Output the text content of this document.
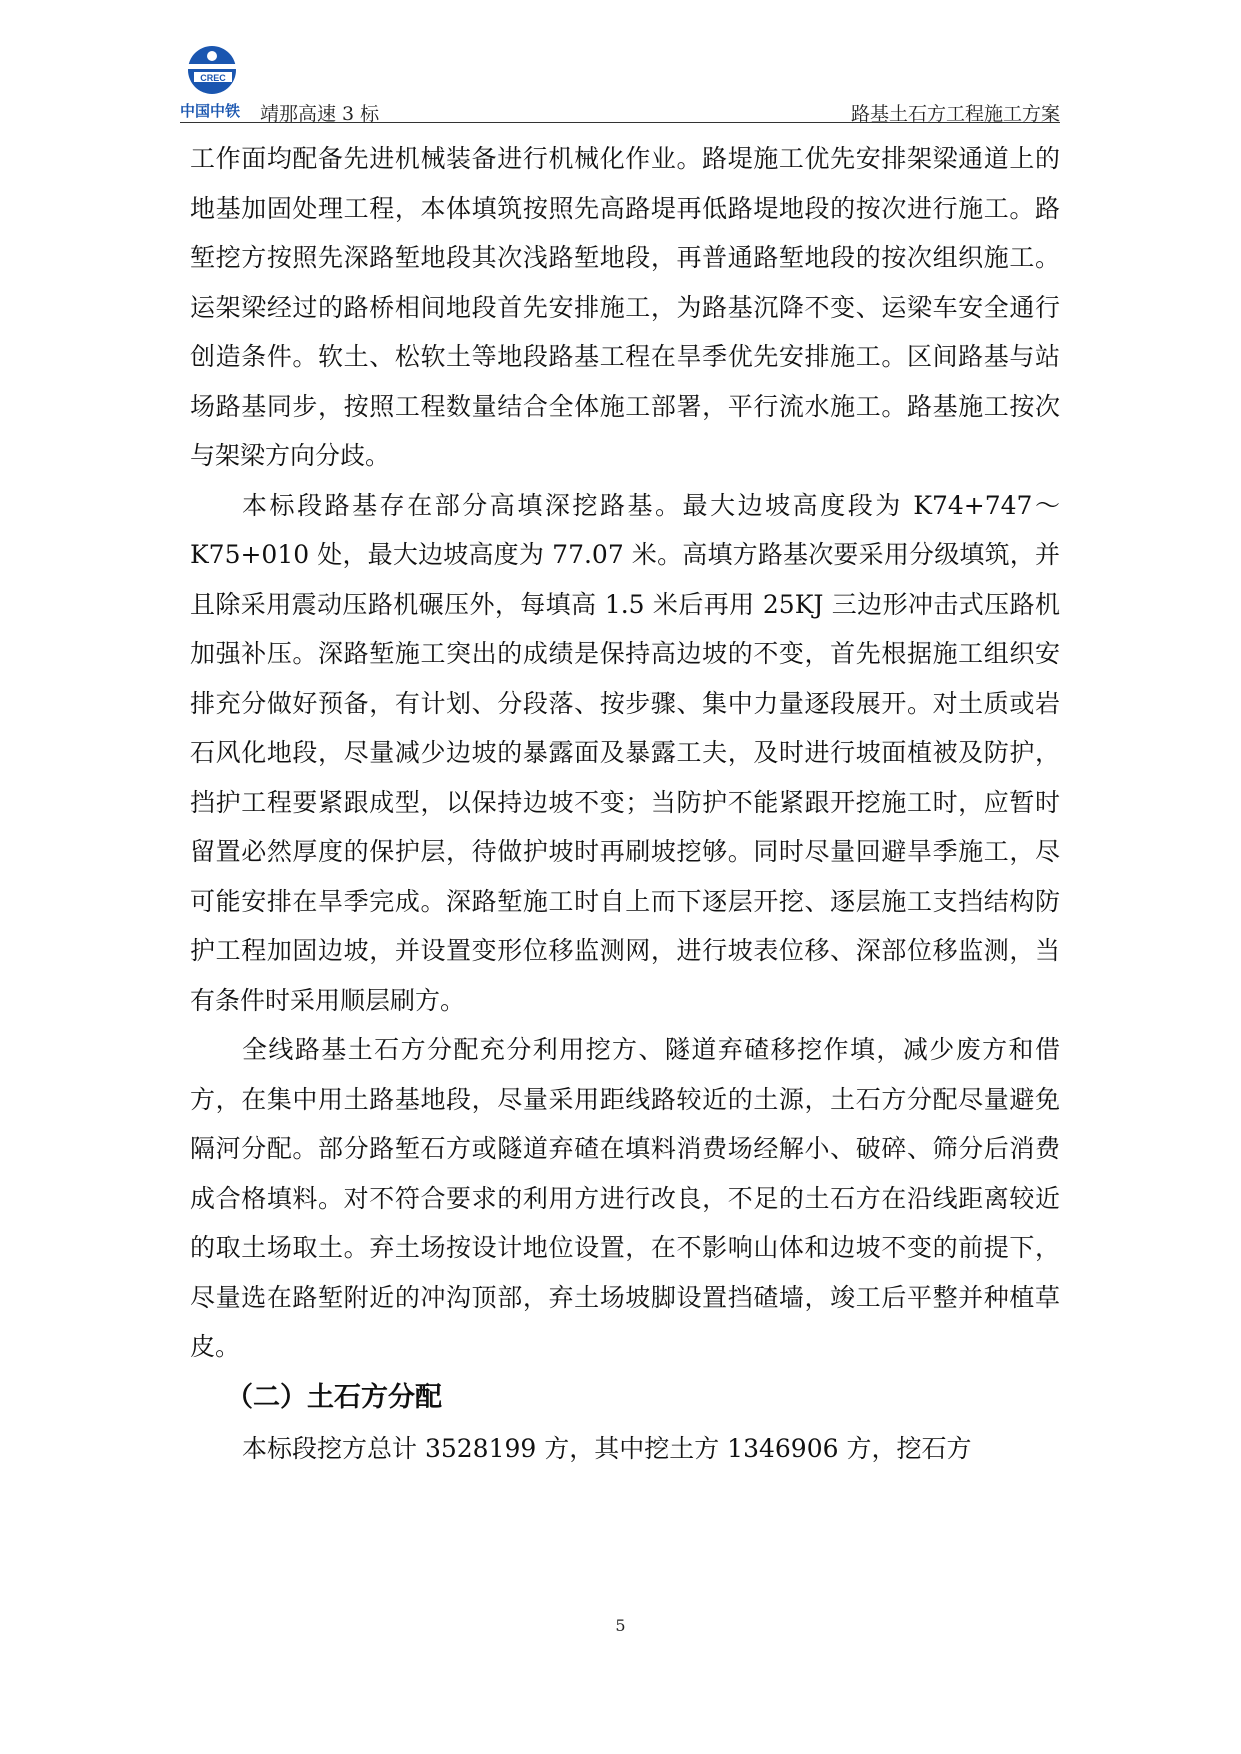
CREC
中国中铁 靖那高速 3 标	路基土石方工程施工方案

工作面均配备先进机械装备进行机械化作业。路堤施工优先安排架梁通道上的地基加固处理工程，本体填筑按照先高路堤再低路堤地段的按次进行施工。路堑挖方按照先深路堑地段其次浅路堑地段，再普通路堑地段的按次组织施工。运架梁经过的路桥相间地段首先安排施工，为路基沉降不变、运梁车安全通行创造条件。软土、松软土等地段路基工程在旱季优先安排施工。区间路基与站场路基同步，按照工程数量结合全体施工部署，平行流水施工。路基施工按次与架梁方向分歧。

本标段路基存在部分高填深挖路基。最大边坡高度段为 K74+747～K75+010 处，最大边坡高度为 77.07 米。高填方路基次要采用分级填筑，并且除采用震动压路机碾压外，每填高 1.5 米后再用 25KJ 三边形冲击式压路机加强补压。深路堑施工突出的成绩是保持高边坡的不变，首先根据施工组织安排充分做好预备，有计划、分段落、按步骤、集中力量逐段展开。对土质或岩石风化地段，尽量减少边坡的暴露面及暴露工夫，及时进行坡面植被及防护，挡护工程要紧跟成型，以保持边坡不变；当防护不能紧跟开挖施工时，应暂时留置必然厚度的保护层，待做护坡时再刷坡挖够。同时尽量回避旱季施工，尽可能安排在旱季完成。深路堑施工时自上而下逐层开挖、逐层施工支挡结构防护工程加固边坡，并设置变形位移监测网，进行坡表位移、深部位移监测，当有条件时采用顺层刷方。

全线路基土石方分配充分利用挖方、隧道弃碴移挖作填，减少废方和借方，在集中用土路基地段，尽量采用距线路较近的土源，土石方分配尽量避免隔河分配。部分路堑石方或隧道弃碴在填料消费场经解小、破碎、筛分后消费成合格填料。对不符合要求的利用方进行改良，不足的土石方在沿线距离较近的取土场取土。弃土场按设计地位设置，在不影响山体和边坡不变的前提下，尽量选在路堑附近的冲沟顶部，弃土场坡脚设置挡碴墙，竣工后平整并种植草皮。

（二）土石方分配

本标段挖方总计 3528199 方，其中挖土方 1346906 方，挖石方

5
